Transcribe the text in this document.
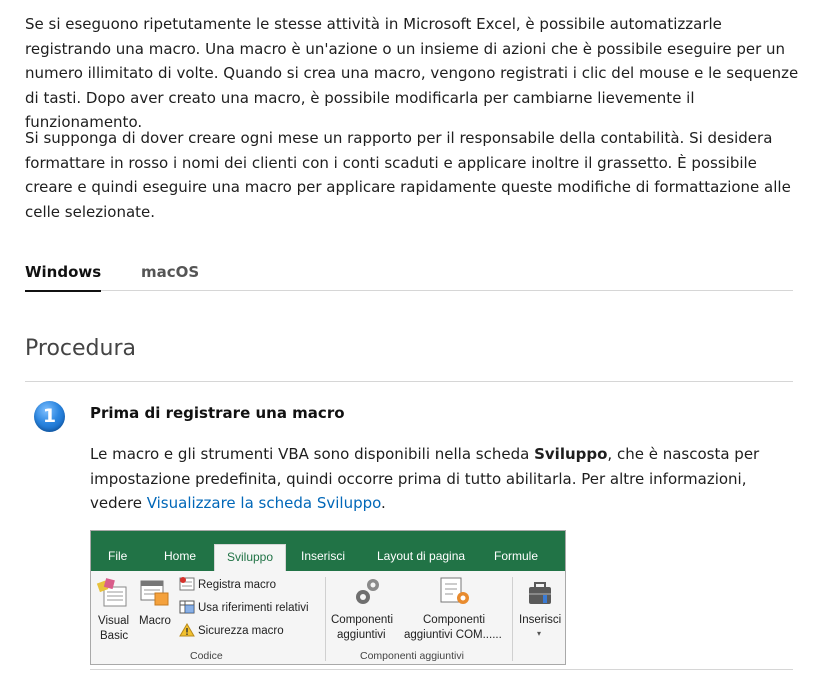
Se si eseguono ripetutamente le stesse attività in Microsoft Excel, è possibile automatizzarle registrando una macro. Una macro è un'azione o un insieme di azioni che è possibile eseguire per un numero illimitato di volte. Quando si crea una macro, vengono registrati i clic del mouse e le sequenze di tasti. Dopo aver creato una macro, è possibile modificarla per cambiarne lievemente il funzionamento.

Si supponga di dover creare ogni mese un rapporto per il responsabile della contabilità. Si desidera formattare in rosso i nomi dei clienti con i conti scaduti e applicare inoltre il grassetto. È possibile creare e quindi eseguire una macro per applicare rapidamente queste modifiche di formattazione alle celle selezionate.

Windows	macOS
Procedura
1	Prima di registrare una macro

Le macro e gli strumenti VBA sono disponibili nella scheda Sviluppo, che è nascosta per impostazione predefinita, quindi occorre prima di tutto abilitarla. Per altre informazioni, vedere Visualizzare la scheda Sviluppo.

File	Home	Sviluppo	Inserisci	Layout di pagina Formule
Visual
Basic
Macro
Registra macro
Usa riferimenti relativi
Sicurezza macro
Codice
Componenti
aggiuntivi
Componenti
aggiuntivi COM......
Componenti aggiuntivi
Inserisci
▾
